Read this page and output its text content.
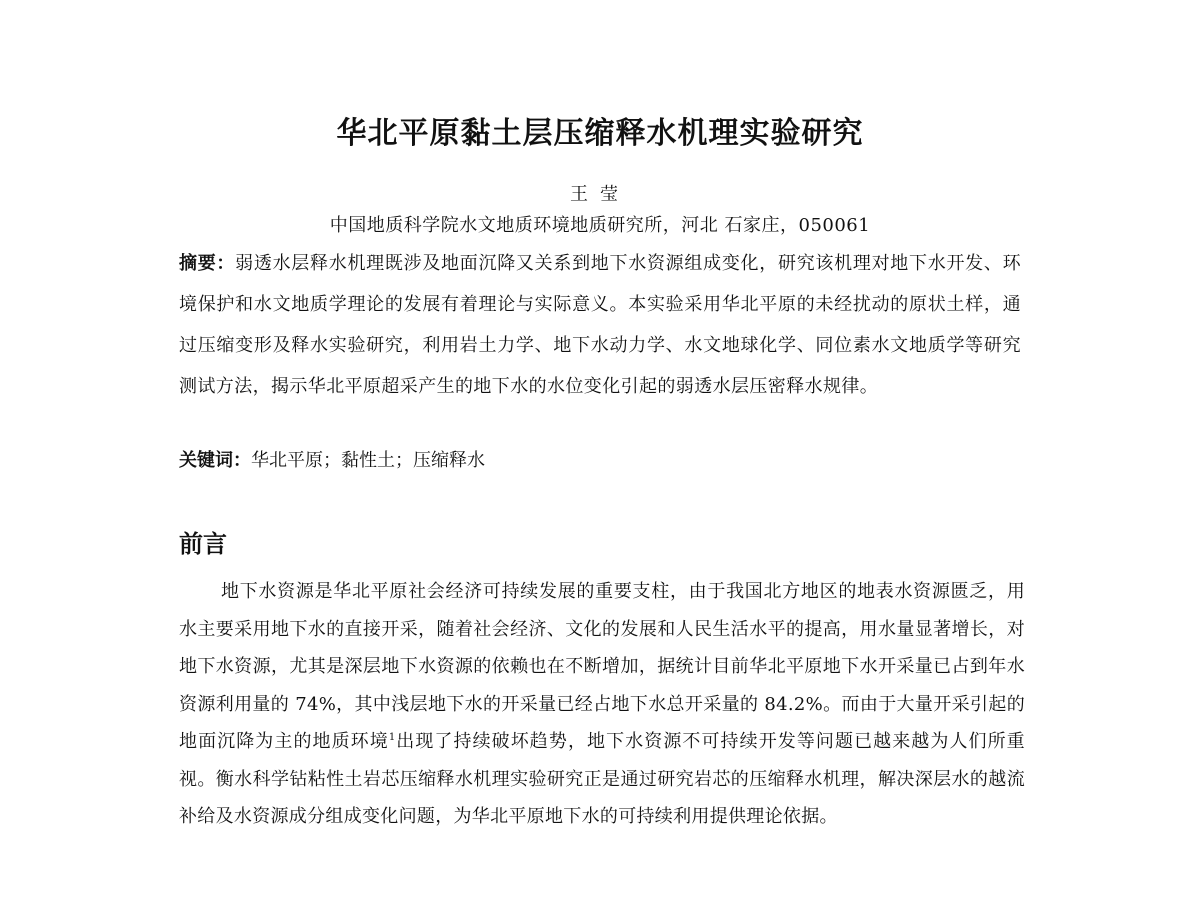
华北平原黏土层压缩释水机理实验研究
王莹
中国地质科学院水文地质环境地质研究所，河北 石家庄，050061
摘要：弱透水层释水机理既涉及地面沉降又关系到地下水资源组成变化，研究该机理对地下水开发、环境保护和水文地质学理论的发展有着理论与实际意义。本实验采用华北平原的未经扰动的原状土样，通过压缩变形及释水实验研究，利用岩土力学、地下水动力学、水文地球化学、同位素水文地质学等研究测试方法，揭示华北平原超采产生的地下水的水位变化引起的弱透水层压密释水规律。
关键词：华北平原；黏性土；压缩释水
前言
地下水资源是华北平原社会经济可持续发展的重要支柱，由于我国北方地区的地表水资源匮乏，用水主要采用地下水的直接开采，随着社会经济、文化的发展和人民生活水平的提高，用水量显著增长，对地下水资源，尤其是深层地下水资源的依赖也在不断增加，据统计目前华北平原地下水开采量已占到年水资源利用量的 74%，其中浅层地下水的开采量已经占地下水总开采量的 84.2%。而由于大量开采引起的地面沉降为主的地质环境$^1$出现了持续破坏趋势，地下水资源不可持续开发等问题已越来越为人们所重视。衡水科学钻粘性土岩芯压缩释水机理实验研究正是通过研究岩芯的压缩释水机理，解决深层水的越流补给及水资源成分组成变化问题，为华北平原地下水的可持续利用提供理论依据。
